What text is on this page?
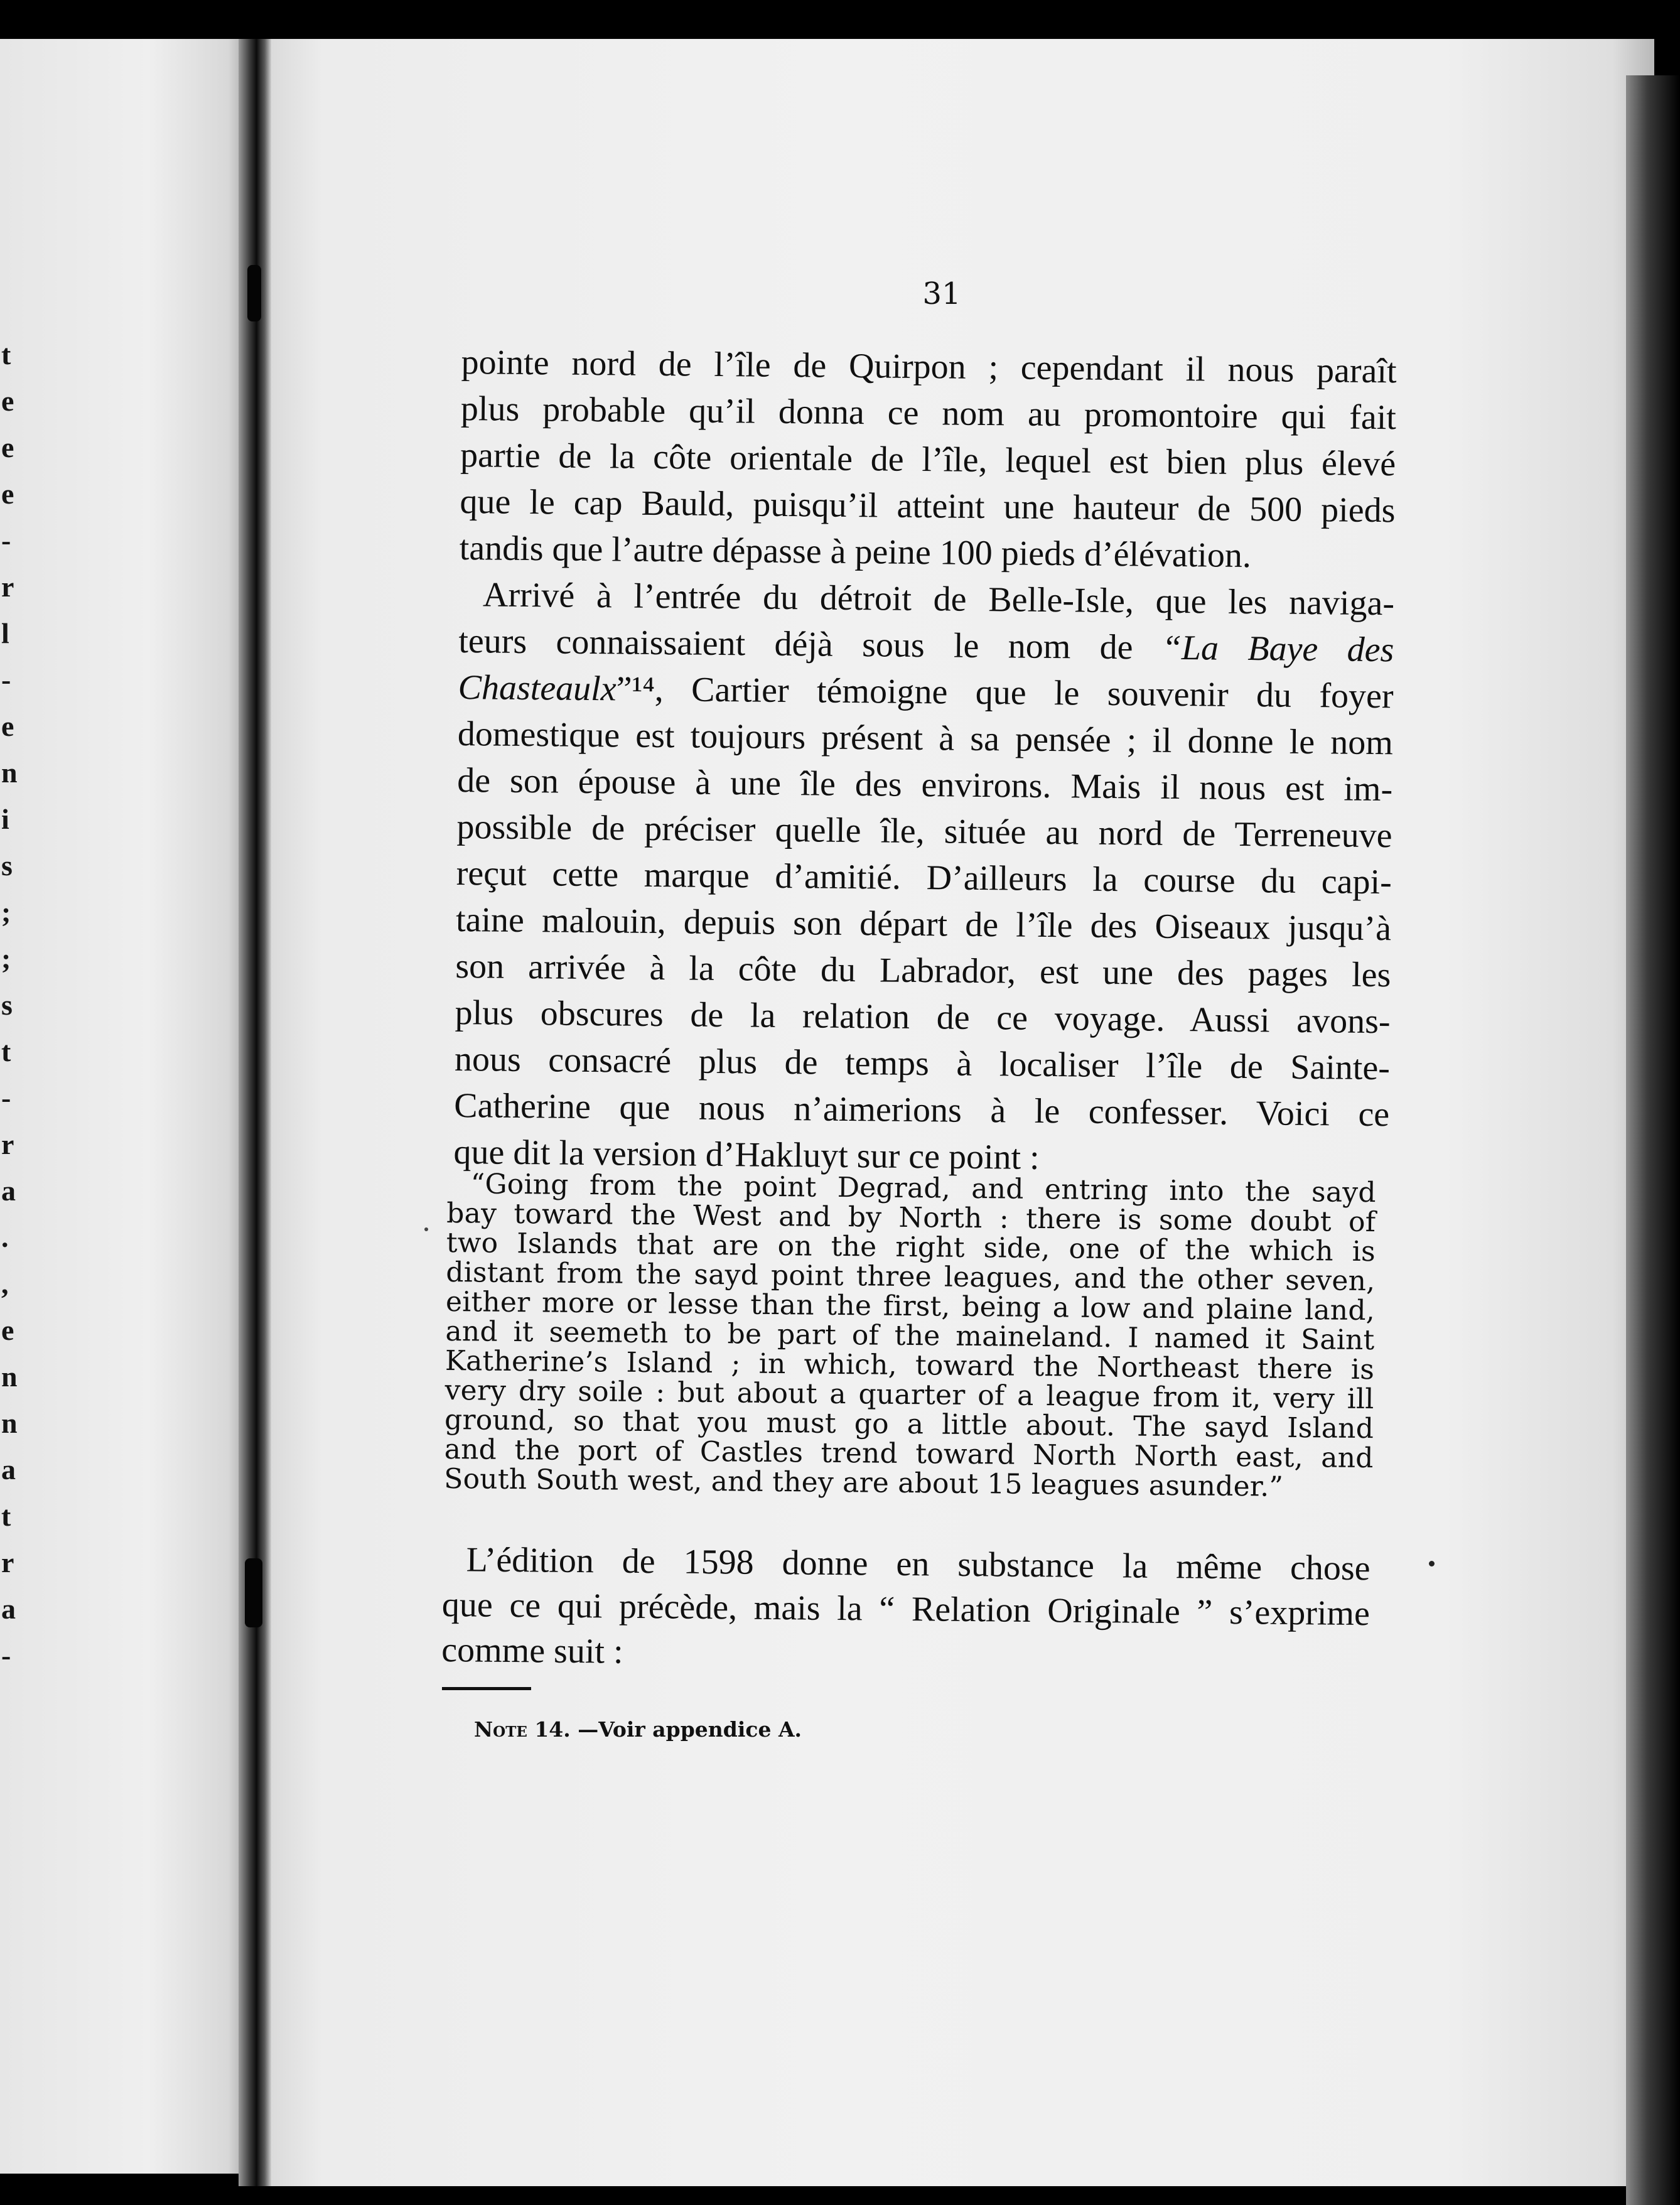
t
e
e
e
-
r
l
-
e
n
i
s
;
;
s
t
-
r
a
.
,
e
n
n
a
t
r
a
-
31
pointe nord de l’île de Quirpon ; cependant il nous paraît
plus probable qu’il donna ce nom au promontoire qui fait
partie de la côte orientale de l’île, lequel est bien plus élevé
que le cap Bauld, puisqu’il atteint une hauteur de 500 pieds
tandis que l’autre dépasse à peine 100 pieds d’élévation.
Arrivé à l’entrée du détroit de Belle-Isle, que les naviga-
teurs connaissaient déjà sous le nom de “La Baye des
Chasteaulx”¹⁴, Cartier témoigne que le souvenir du foyer
domestique est toujours présent à sa pensée ; il donne le nom
de son épouse à une île des environs. Mais il nous est im-
possible de préciser quelle île, située au nord de Terreneuve
reçut cette marque d’amitié. D’ailleurs la course du capi-
taine malouin, depuis son départ de l’île des Oiseaux jusqu’à
son arrivée à la côte du Labrador, est une des pages les
plus obscures de la relation de ce voyage. Aussi avons-
nous consacré plus de temps à localiser l’île de Sainte-
Catherine que nous n’aimerions à le confesser. Voici ce
que dit la version d’Hakluyt sur ce point :
“Going from the point Degrad, and entring into the sayd
bay toward the West and by North : there is some doubt of
two Islands that are on the right side, one of the which is
distant from the sayd point three leagues, and the other seven,
either more or lesse than the first, being a low and plaine land,
and it seemeth to be part of the maineland. I named it Saint
Katherine’s Island ; in which, toward the Northeast there is
very dry soile : but about a quarter of a league from it, very ill
ground, so that you must go a little about. The sayd Island
and the port of Castles trend toward North North east, and
South South west, and they are about 15 leagues asunder.”
L’édition de 1598 donne en substance la même chose
que ce qui précède, mais la “ Relation Originale ” s’exprime
comme suit :
Note 14. —Voir appendice A.
